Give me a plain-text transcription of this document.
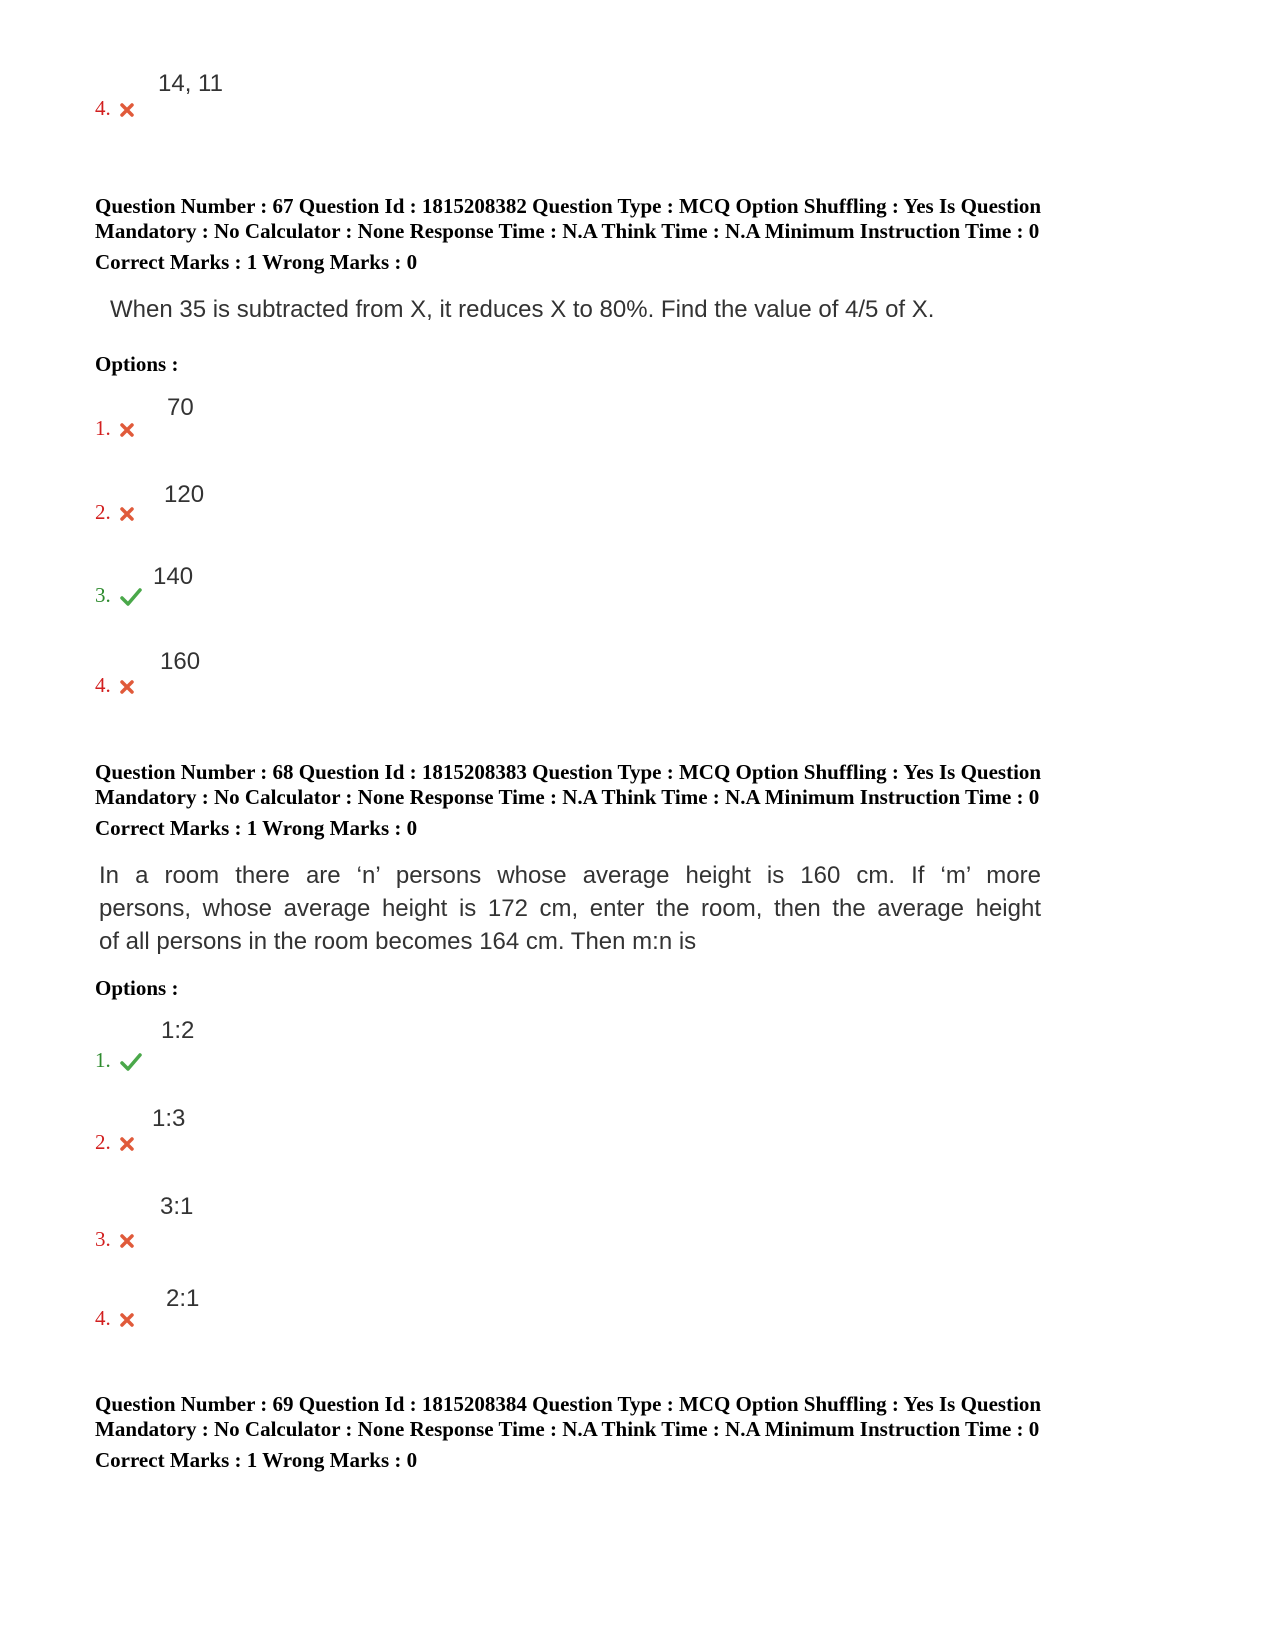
14, 11
4.
Question Number : 67 Question Id : 1815208382 Question Type : MCQ Option Shuffling : Yes Is Question
Mandatory : No Calculator : None Response Time : N.A Think Time : N.A Minimum Instruction Time : 0
Correct Marks : 1 Wrong Marks : 0
When 35 is subtracted from X, it reduces X to 80%. Find the value of 4/5 of X.
Options :
70
1.
120
2.
140
3.
160
4.
Question Number : 68 Question Id : 1815208383 Question Type : MCQ Option Shuffling : Yes Is Question
Mandatory : No Calculator : None Response Time : N.A Think Time : N.A Minimum Instruction Time : 0
Correct Marks : 1 Wrong Marks : 0
In a room there are ‘n’ persons whose average height is 160 cm. If ‘m’ more
persons, whose average height is 172 cm, enter the room, then the average height
of all persons in the room becomes 164 cm. Then m:n is
Options :
1:2
1.
1:3
2.
3:1
3.
2:1
4.
Question Number : 69 Question Id : 1815208384 Question Type : MCQ Option Shuffling : Yes Is Question
Mandatory : No Calculator : None Response Time : N.A Think Time : N.A Minimum Instruction Time : 0
Correct Marks : 1 Wrong Marks : 0
